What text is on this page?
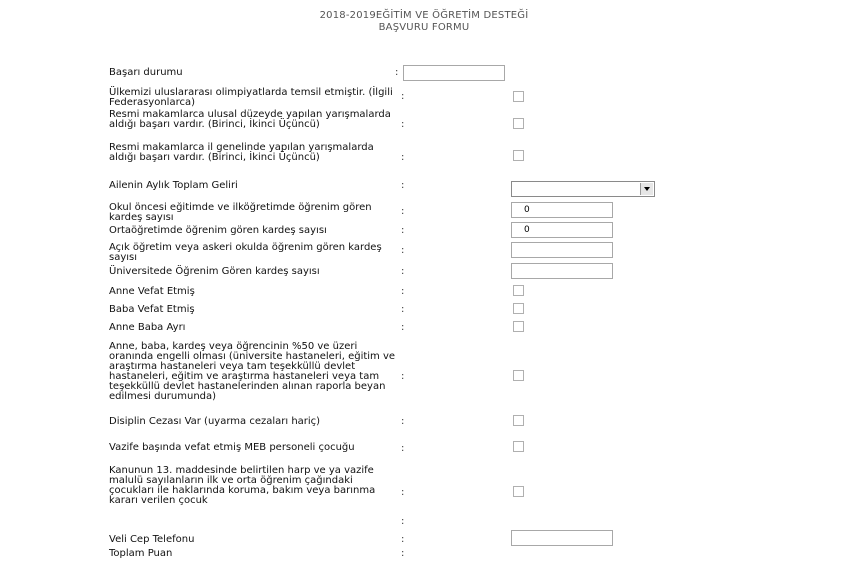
2018-2019EĞİTİM VE ÖĞRETİM DESTEĞİ
BAŞVURU FORMU
Başarı durumu	:
Ülkemizi uluslararası olimpiyatlarda temsil etmiştir. (İlgili Federasyonlarca)
:
Resmi makamlarca ulusal düzeyde yapılan yarışmalarda aldığı başarı vardır. (Birinci, İkinci Üçüncü)	:
Resmi makamlarca il genelinde yapılan yarışmalarda aldığı başarı vardır. (Birinci, İkinci Üçüncü)	:
Ailenin Aylık Toplam Geliri	:
Okul öncesi eğitimde ve ilköğretimde öğrenim gören kardeş sayısı
:	0
Ortaöğretimde öğrenim gören kardeş sayısı	:	0
Açık öğretim veya askeri okulda öğrenim gören kardeş sayısı
:
Üniversitede Öğrenim Gören kardeş sayısı	:
Anne Vefat Etmiş	:
Baba Vefat Etmiş	:
Anne Baba Ayrı	:
Anne, baba, kardeş veya öğrencinin %50 ve üzeri oranında engelli olması (üniversite hastaneleri, eğitim ve araştırma hastaneleri veya tam teşekküllü devlet hastaneleri, eğitim ve araştırma hastaneleri veya tam teşekküllü devlet hastanelerinden alınan raporla beyan edilmesi durumunda)
:
Disiplin Cezası Var (uyarma cezaları hariç)	:
Vazife başında vefat etmiş MEB personeli çocuğu	:
Kanunun 13. maddesinde belirtilen harp ve ya vazife malulü sayılanların ilk ve orta öğrenim çağındaki çocukları ile haklarında koruma, bakım veya barınma kararı verilen çocuk
:
:
Veli Cep Telefonu	:
Toplam Puan	:
